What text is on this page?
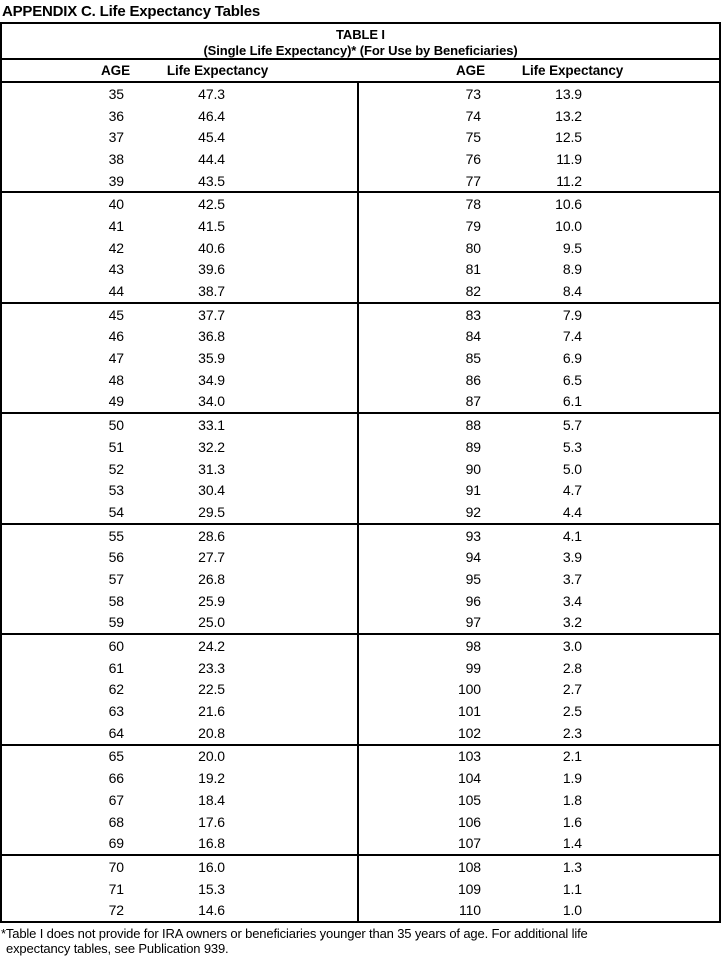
APPENDIX C. Life Expectancy Tables
TABLE I
(Single Life Expectancy)* (For Use by Beneficiaries)
AGE	Life Expectancy	AGE	Life Expectancy
35	47.3
36	46.4
37	45.4
38	44.4
39	43.5
73	13.9
74	13.2
75	12.5
76	11.9
77	11.2
40	42.5
41	41.5
42	40.6
43	39.6
44	38.7
78	10.6
79	10.0
80	9.5
81	8.9
82	8.4
45	37.7
46	36.8
47	35.9
48	34.9
49	34.0
83	7.9
84	7.4
85	6.9
86	6.5
87	6.1
50	33.1
51	32.2
52	31.3
53	30.4
54	29.5
88	5.7
89	5.3
90	5.0
91	4.7
92	4.4
55	28.6
56	27.7
57	26.8
58	25.9
59	25.0
93	4.1
94	3.9
95	3.7
96	3.4
97	3.2
60	24.2
61	23.3
62	22.5
63	21.6
64	20.8
98	3.0
99	2.8
100	2.7
101	2.5
102	2.3
65	20.0
66	19.2
67	18.4
68	17.6
69	16.8
103	2.1
104	1.9
105	1.8
106	1.6
107	1.4
70	16.0
71	15.3
72	14.6
108	1.3
109	1.1
110	1.0
*Table I does not provide for IRA owners or beneficiaries younger than 35 years of age. For additional life
expectancy tables, see Publication 939.
